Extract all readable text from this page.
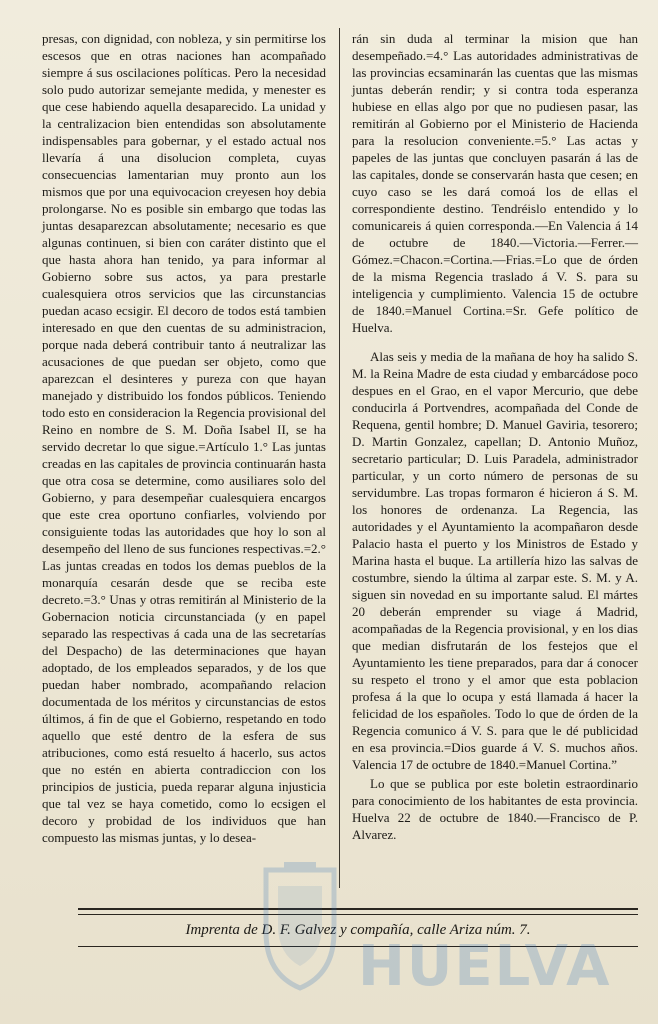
presas, con dignidad, con nobleza, y sin permitirse los escesos que en otras naciones han acompañado siempre á sus oscilaciones políticas. Pero la necesidad solo pudo autorizar semejante medida, y menester es que cese habiendo aquella desaparecido. La unidad y la centralizacion bien entendidas son absolutamente indispensables para gobernar, y el estado actual nos llevaría á una disolucion completa, cuyas consecuencias lamentarian muy pronto aun los mismos que por una equivocacion creyesen hoy debia prolongarse. No es posible sin embargo que todas las juntas desaparezcan absolutamente; necesario es que algunas continuen, si bien con caráter distinto que el que hasta ahora han tenido, ya para informar al Gobierno sobre sus actos, ya para prestarle cualesquiera otros servicios que las circunstancias puedan acaso ecsigir. El decoro de todos está tambien interesado en que den cuentas de su administracion, porque nada deberá contribuir tanto á neutralizar las acusaciones de que puedan ser objeto, como que aparezcan el desinteres y pureza con que hayan manejado y distribuido los fondos públicos. Teniendo todo esto en consideracion la Regencia provisional del Reino en nombre de S. M. Doña Isabel II, se ha servido decretar lo que sigue.=Artículo 1.° Las juntas creadas en las capitales de provincia continuarán hasta que otra cosa se determine, como ausiliares solo del Gobierno, y para desempeñar cualesquiera encargos que este crea oportuno confiarles, volviendo por consiguiente todas las autoridades que hoy lo son al desempeño del lleno de sus funciones respectivas.=2.° Las juntas creadas en todos los demas pueblos de la monarquía cesarán desde que se reciba este decreto.=3.° Unas y otras remitirán al Ministerio de la Gobernacion noticia circunstanciada (y en papel separado las respectivas á cada una de las secretarías del Despacho) de las determinaciones que hayan adoptado, de los empleados separados, y de los que puedan haber nombrado, acompañando relacion documentada de los méritos y circunstancias de estos últimos, á fin de que el Gobierno, respetando en todo aquello que esté dentro de la esfera de sus atribuciones, como está resuelto á hacerlo, sus actos que no estén en abierta contradiccion con los principios de justicia, pueda reparar alguna injusticia que tal vez se haya cometido, como lo ecsigen el decoro y probidad de los individuos que han compuesto las mismas juntas, y lo desea-

rán sin duda al terminar la mision que han desempeñado.=4.° Las autoridades administrativas de las provincias ecsaminarán las cuentas que las mismas juntas deberán rendir; y si contra toda esperanza hubiese en ellas algo por que no pudiesen pasar, las remitirán al Gobierno por el Ministerio de Hacienda para la resolucion conveniente.=5.° Las actas y papeles de las juntas que concluyen pasarán á las de las capitales, donde se conservarán hasta que cesen; en cuyo caso se les dará comoá los de ellas el correspondiente destino. Tendréislo entendido y lo comunicareis á quien corresponda.—En Valencia á 14 de octubre de 1840.—Victoria.—Ferrer.—Gómez.=Chacon.=Cortina.—Frias.=Lo que de órden de la misma Regencia traslado á V. S. para su inteligencia y cumplimiento. Valencia 15 de octubre de 1840.=Manuel Cortina.=Sr. Gefe político de Huelva.

Alas seis y media de la mañana de hoy ha salido S. M. la Reina Madre de esta ciudad y embarcádose poco despues en el Grao, en el vapor Mercurio, que debe conducirla á Portvendres, acompañada del Conde de Requena, gentil hombre; D. Manuel Gaviria, tesorero; D. Martin Gonzalez, capellan; D. Antonio Muñoz, secretario particular; D. Luis Paradela, administrador particular, y un corto número de personas de su servidumbre. Las tropas formaron é hicieron á S. M. los honores de ordenanza. La Regencia, las autoridades y el Ayuntamiento la acompañaron desde Palacio hasta el puerto y los Ministros de Estado y Marina hasta el buque. La artillería hizo las salvas de costumbre, siendo la última al zarpar este. S. M. y A. siguen sin novedad en su importante salud. El mártes 20 deberán emprender su viage á Madrid, acompañadas de la Regencia provisional, y en los dias que median disfrutarán de los festejos que el Ayuntamiento les tiene preparados, para dar á conocer su respeto el trono y el amor que esta poblacion profesa á la que lo ocupa y está llamada á hacer la felicidad de los españoles. Todo lo que de órden de la Regencia comunico á V. S. para que le dé publicidad en esa provincia.=Dios guarde á V. S. muchos años. Valencia 17 de octubre de 1840.=Manuel Cortina.”

Lo que se publica por este boletin estraordinario para conocimiento de los habitantes de esta provincia. Huelva 22 de octubre de 1840.—Francisco de P. Alvarez.

Imprenta de D. F. Galvez y compañía, calle Ariza núm. 7.
HUELVA
